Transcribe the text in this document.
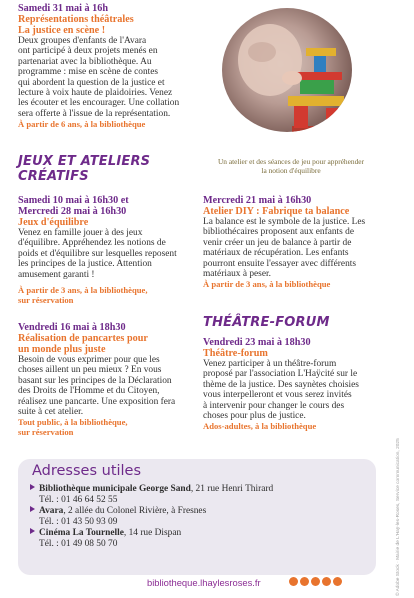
Samedi 31 mai à 16h

Représentations théâtrales

La justice en scène !

Deux groupes d'enfants de l'Avara

ont participé à deux projets menés en

partenariat avec la bibliothèque. Au

programme : mise en scène de contes

qui abordent la question de la justice et

lecture à voix haute de plaidoiries. Venez

les écouter et les encourager. Une collation

sera offerte à l'issue de la représentation.

À partir de 6 ans, à la bibliothèque

Un atelier et des séances de jeu pour appréhender

la notion d'équilibre

JEUX ET ATELIERS

CRÉATIFS

Samedi 10 mai à 16h30 et

Mercredi 28 mai à 16h30

Jeux d'équilibre

Venez en famille jouer à des jeux

d'équilibre. Appréhendez les notions de

poids et d'équilibre sur lesquelles reposent

les principes de la justice. Attention

amusement garanti !

À partir de 3 ans, à la bibliothèque,

sur réservation

Mercredi 21 mai à 16h30

Atelier DIY : Fabrique ta balance

La balance est le symbole de la justice. Les

bibliothécaires proposent aux enfants de

venir créer un jeu de balance à partir de

matériaux de récupération. Les enfants

pourront ensuite l'essayer avec différents

matériaux à peser.

À partir de 3 ans, à la bibliothèque

Vendredi 16 mai à 18h30

Réalisation de pancartes pour

un monde plus juste

Besoin de vous exprimer pour que les

choses aillent un peu mieux ? En vous

basant sur les principes de la Déclaration

des Droits de l'Homme et du Citoyen,

réalisez une pancarte. Une exposition fera

suite à cet atelier.

Tout public, à la bibliothèque,

sur réservation

THÉÂTRE-FORUM

Vendredi 23 mai à 18h30

Théâtre-forum

Venez participer à un théâtre-forum

proposé par l'association L'Haÿcité sur le

thème de la justice. Des saynètes choisies

vous interpelleront et vous serez invités

à intervenir pour changer le cours des

choses pour plus de justice.

Ados-adultes, à la bibliothèque

Adresses utiles

Bibliothèque municipale George Sand, 21 rue Henri Thirard

Tél. : 01 46 64 52 55

Avara, 2 allée du Colonel Rivière, à Fresnes

Tél. : 01 43 50 93 09

Cinéma La Tournelle, 14 rue Dispan

Tél. : 01 49 08 50 70

bibliotheque.lhaylesroses.fr	© Adobe Stock · Mairie de L'Haÿ-les-Roses, Service communication, 2025
